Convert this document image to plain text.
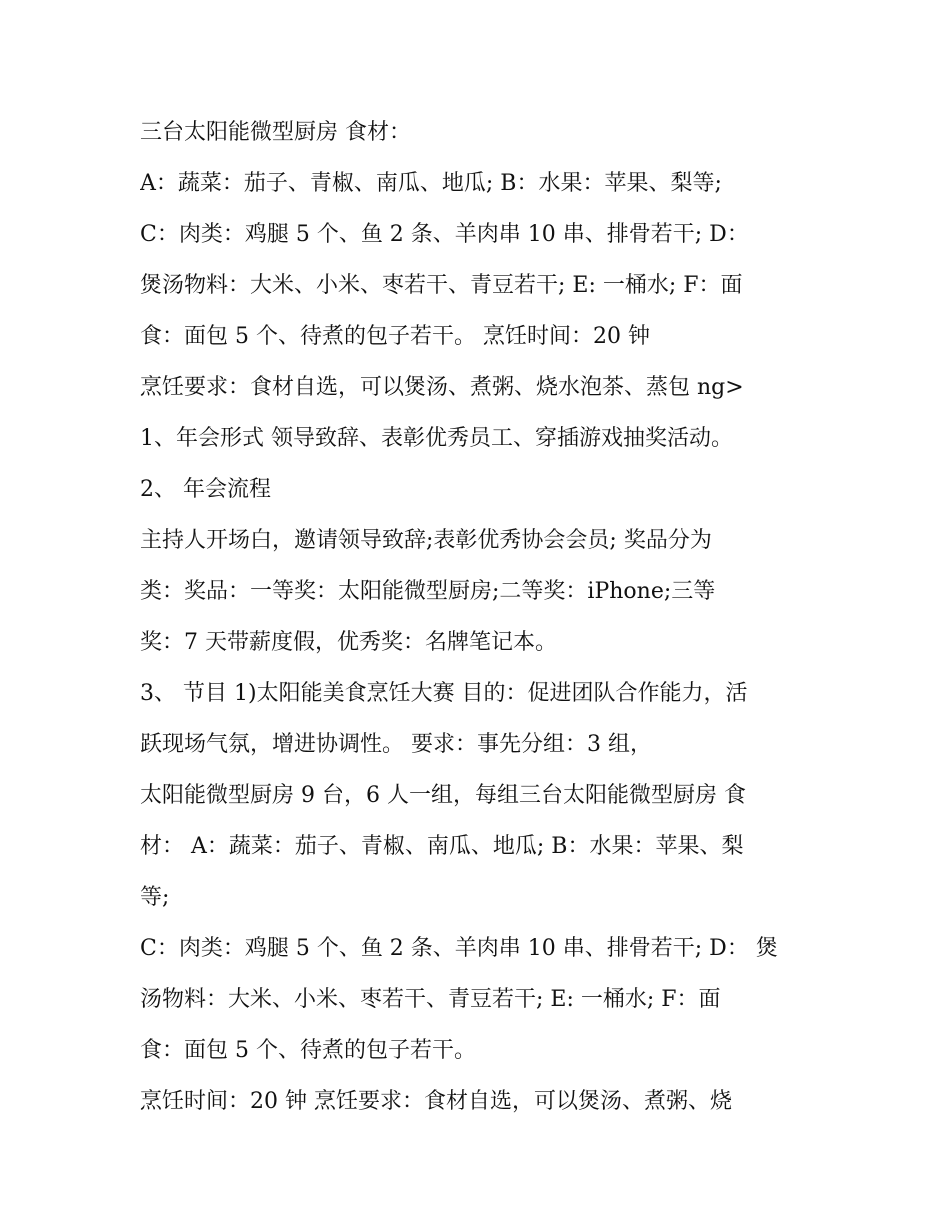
三台太阳能微型厨房 食材：
A：蔬菜：茄子、青椒、南瓜、地瓜; B：水果：苹果、梨等;
C：肉类：鸡腿 5 个、鱼 2 条、羊肉串 10 串、排骨若干; D：
煲汤物料：大米、小米、枣若干、青豆若干; E: 一桶水; F：面
食：面包 5 个、待煮的包子若干。 烹饪时间：20 钟
烹饪要求：食材自选，可以煲汤、煮粥、烧水泡茶、蒸包 ng>
1、年会形式 领导致辞、表彰优秀员工、穿插游戏抽奖活动。
2、 年会流程
主持人开场白，邀请领导致辞;表彰优秀协会会员; 奖品分为
类：奖品：一等奖：太阳能微型厨房;二等奖：iPhone;三等
奖：7 天带薪度假，优秀奖：名牌笔记本。
3、 节目 1)太阳能美食烹饪大赛 目的：促进团队合作能力，活
跃现场气氛，增进协调性。 要求：事先分组：3 组，
太阳能微型厨房 9 台，6 人一组，每组三台太阳能微型厨房 食
材： A：蔬菜：茄子、青椒、南瓜、地瓜; B：水果：苹果、梨
等;
C：肉类：鸡腿 5 个、鱼 2 条、羊肉串 10 串、排骨若干; D： 煲
汤物料：大米、小米、枣若干、青豆若干; E: 一桶水; F：面
食：面包 5 个、待煮的包子若干。
烹饪时间：20 钟 烹饪要求：食材自选，可以煲汤、煮粥、烧
